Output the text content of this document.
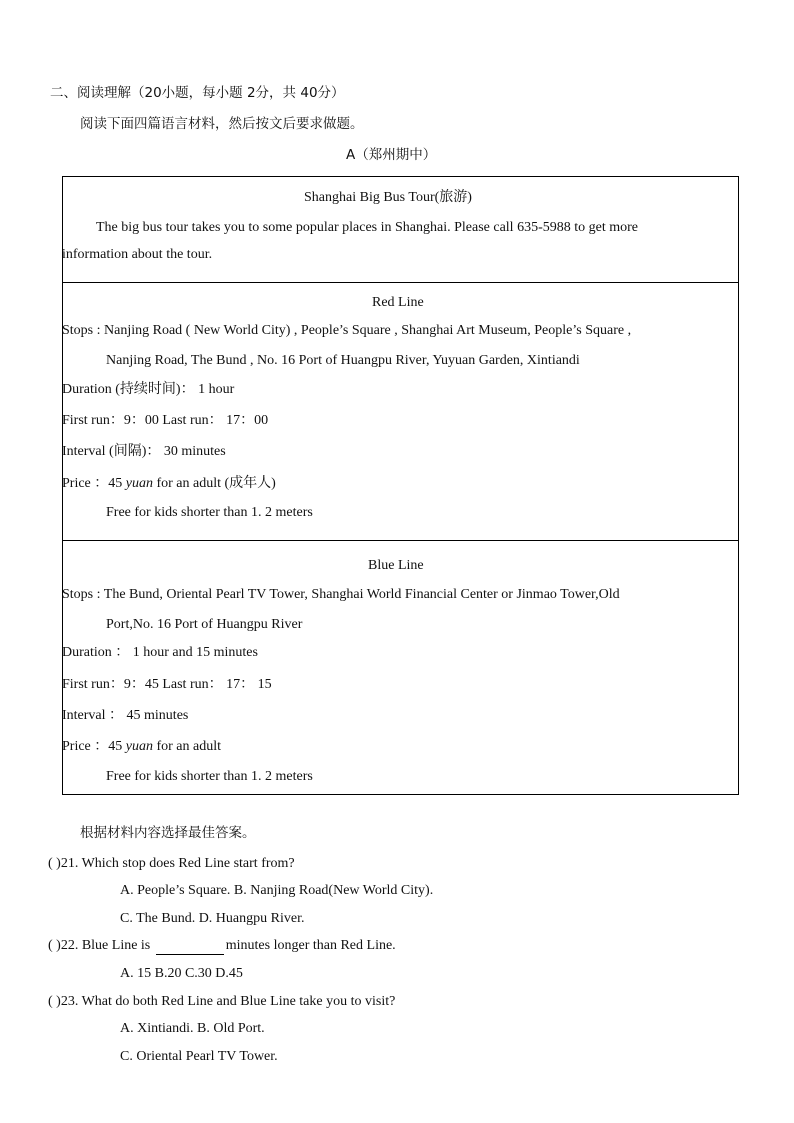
二、阅读理解（20小题，每小题 2分，共 40分）
阅读下面四篇语言材料，然后按文后要求做题。
A（郑州期中）
Shanghai Big Bus Tour(旅游)
The big bus tour takes you to some popular places in Shanghai. Please call 635-5988 to get more
information about the tour.
Red Line
Stops : Nanjing Road ( New World City) , People’s Square , Shanghai Art Museum, People’s Square ,
Nanjing Road, The Bund , No. 16 Port of Huangpu River, Yuyuan Garden, Xintiandi
Duration (持续时间)： 1 hour
First run：9：00 Last run： 17：00
Interval (间隔)： 30 minutes
Price ：45 yuan for an adult (成年人)
Free for kids shorter than 1. 2 meters
Blue Line
Stops : The Bund, Oriental Pearl TV Tower, Shanghai World Financial Center or Jinmao Tower,Old
Port,No. 16 Port of Huangpu River
Duration ： 1 hour and 15 minutes
First run：9：45 Last run： 17： 15
Interval ： 45 minutes
Price ：45 yuan for an adult
Free for kids shorter than 1. 2 meters
根据材料内容选择最佳答案。
( )21. Which stop does Red Line start from?
A. People’s Square. B. Nanjing Road(New World City).
C. The Bund. D. Huangpu River.
( )22. Blue Line is	minutes longer than Red Line.
A. 15 B.20 C.30 D.45
( )23. What do both Red Line and Blue Line take you to visit?
A. Xintiandi. B. Old Port.
C. Oriental Pearl TV Tower.
